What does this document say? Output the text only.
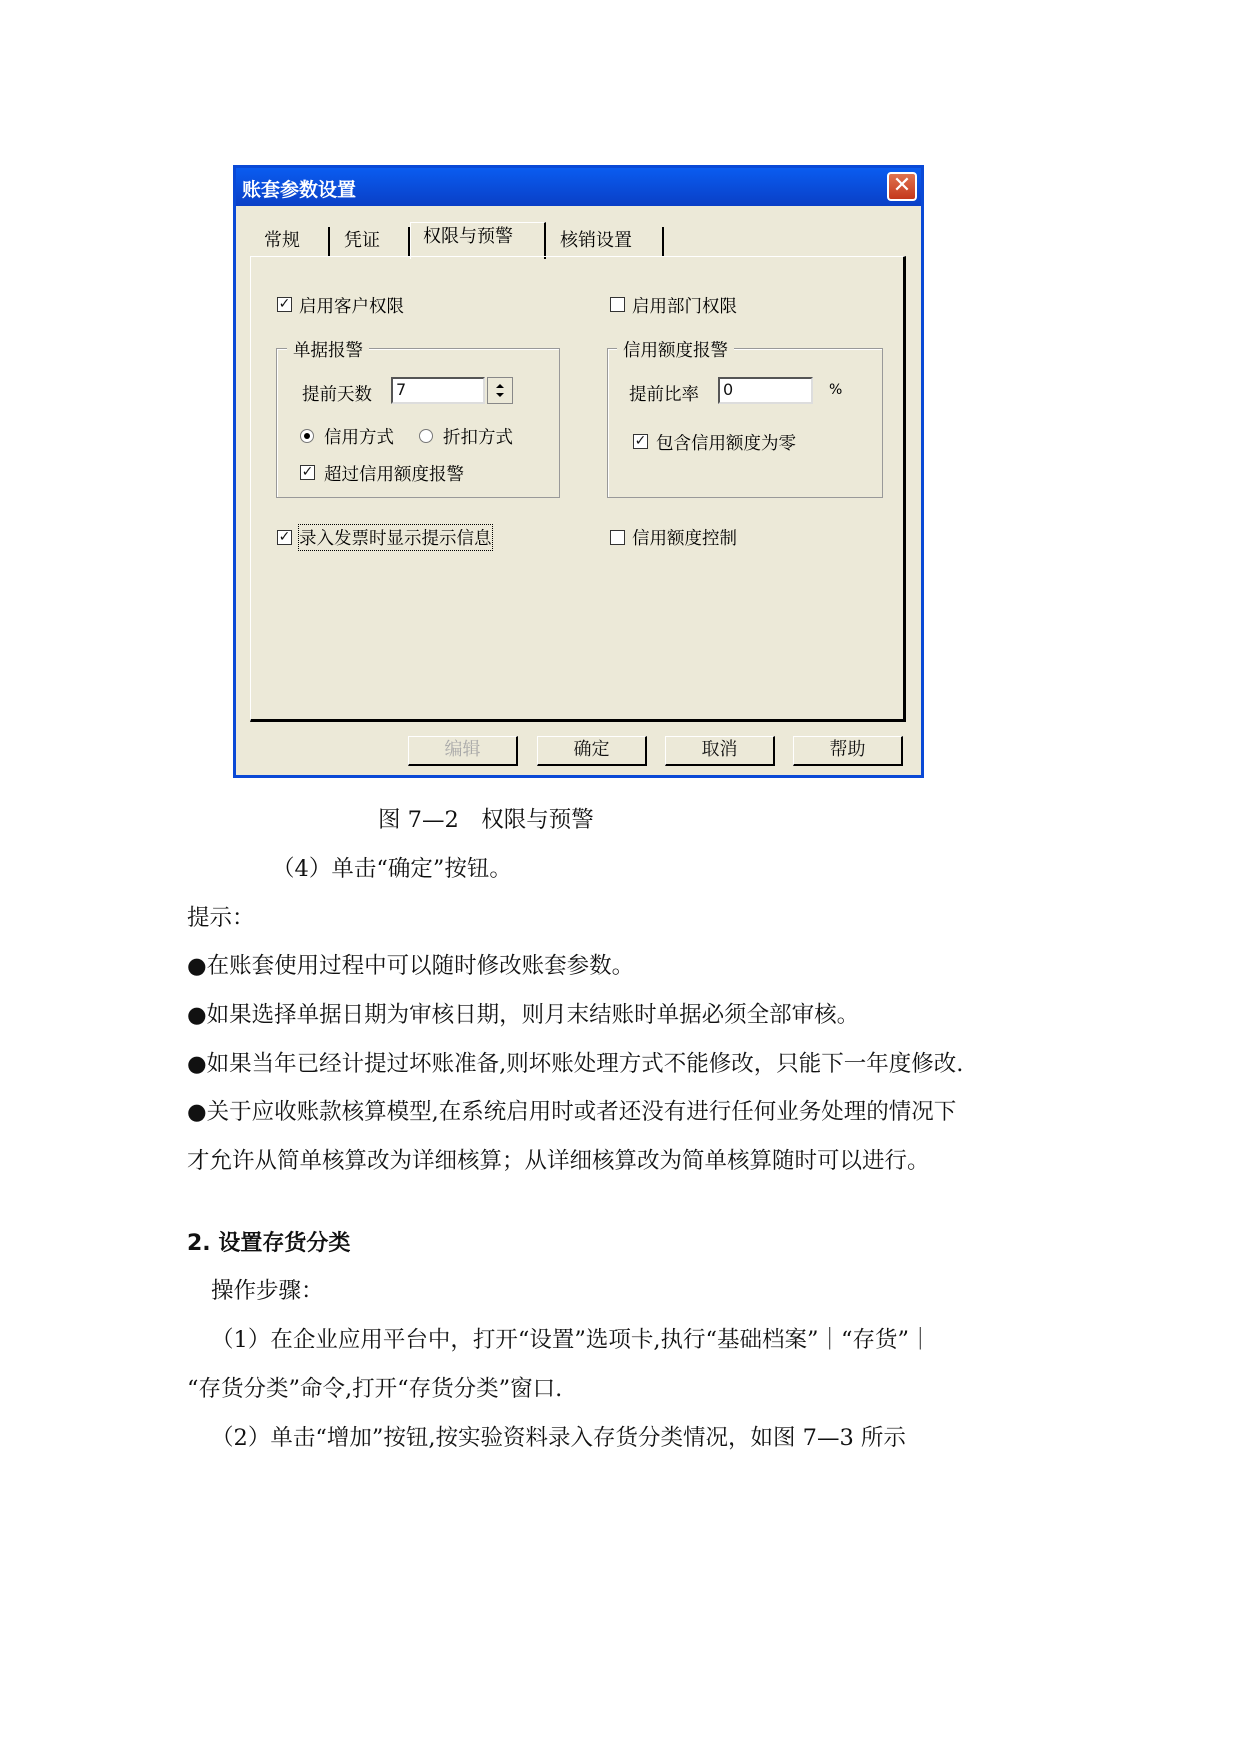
账套参数设置	✕
常规	凭证	权限与预警	核销设置
✓ 启用客户权限	启用部门权限
单据报警
提前天数	7
信用方式	折扣方式
✓ 超过信用额度报警
信用额度报警
提前比率	0	%
✓ 包含信用额度为零
✓ 录入发票时显示提示信息	信用额度控制
编辑	确定	取消	帮助
图 7—2　权限与预警
（4）单击“确定”按钮。
提示：
●在账套使用过程中可以随时修改账套参数。
●如果选择单据日期为审核日期，则月末结账时单据必须全部审核。
●如果当年已经计提过坏账准备,则坏账处理方式不能修改，只能下一年度修改.
●关于应收账款核算模型,在系统启用时或者还没有进行任何业务处理的情况下
才允许从简单核算改为详细核算；从详细核算改为简单核算随时可以进行。
2. 设置存货分类
操作步骤：
（1）在企业应用平台中，打开“设置”选项卡,执行“基础档案”｜“存货”｜
“存货分类”命令,打开“存货分类”窗口.
（2）单击“增加”按钮,按实验资料录入存货分类情况，如图 7—3 所示
